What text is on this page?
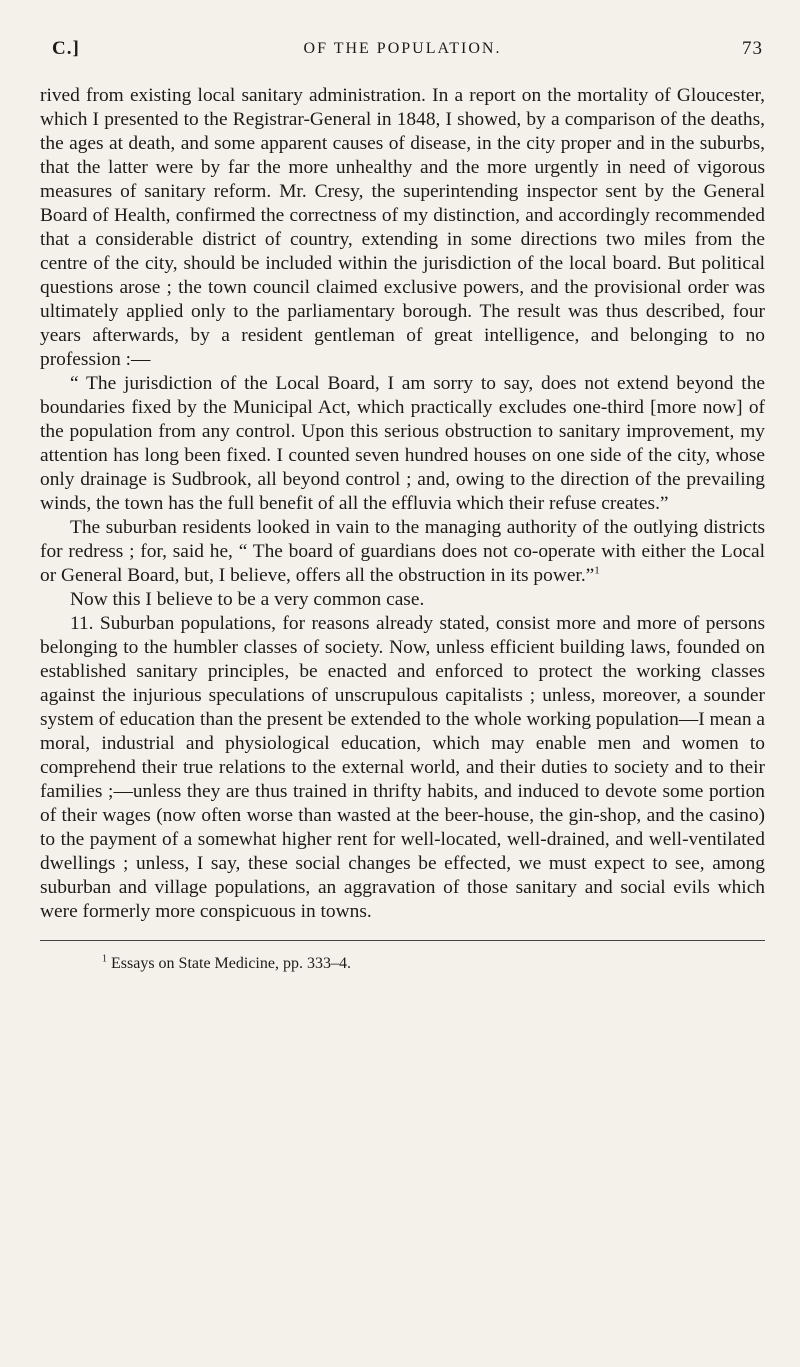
C.]	OF THE POPULATION.	73

rived from existing local sanitary administration. In a report on the mortality of Gloucester, which I presented to the Registrar-General in 1848, I showed, by a comparison of the deaths, the ages at death, and some apparent causes of disease, in the city proper and in the suburbs, that the latter were by far the more unhealthy and the more urgently in need of vigorous measures of sanitary reform. Mr. Cresy, the superintending inspector sent by the General Board of Health, confirmed the correctness of my distinction, and accordingly recommended that a considerable district of country, extending in some directions two miles from the centre of the city, should be included within the jurisdiction of the local board. But political questions arose ; the town council claimed exclusive powers, and the provisional order was ultimately applied only to the parliamentary borough. The result was thus described, four years afterwards, by a resident gentleman of great intelligence, and belonging to no profession :—

“ The jurisdiction of the Local Board, I am sorry to say, does not extend beyond the boundaries fixed by the Municipal Act, which practically excludes one-third [more now] of the population from any control. Upon this serious obstruction to sanitary improvement, my attention has long been fixed. I counted seven hundred houses on one side of the city, whose only drainage is Sudbrook, all beyond control ; and, owing to the direction of the prevailing winds, the town has the full benefit of all the effluvia which their refuse creates.”

The suburban residents looked in vain to the managing authority of the outlying districts for redress ; for, said he, “ The board of guardians does not co-operate with either the Local or General Board, but, I believe, offers all the obstruction in its power.”$^1$

Now this I believe to be a very common case.

11. Suburban populations, for reasons already stated, consist more and more of persons belonging to the humbler classes of society. Now, unless efficient building laws, founded on established sanitary principles, be enacted and enforced to protect the working classes against the injurious speculations of unscrupulous capitalists ; unless, moreover, a sounder system of education than the present be extended to the whole working population—I mean a moral, industrial and physiological education, which may enable men and women to comprehend their true relations to the external world, and their duties to society and to their families ;—unless they are thus trained in thrifty habits, and induced to devote some portion of their wages (now often worse than wasted at the beer-house, the gin-shop, and the casino) to the payment of a somewhat higher rent for well-located, well-drained, and well-ventilated dwellings ; unless, I say, these social changes be effected, we must expect to see, among suburban and village populations, an aggravation of those sanitary and social evils which were formerly more conspicuous in towns.

$^1$ Essays on State Medicine, pp. 333–4.
